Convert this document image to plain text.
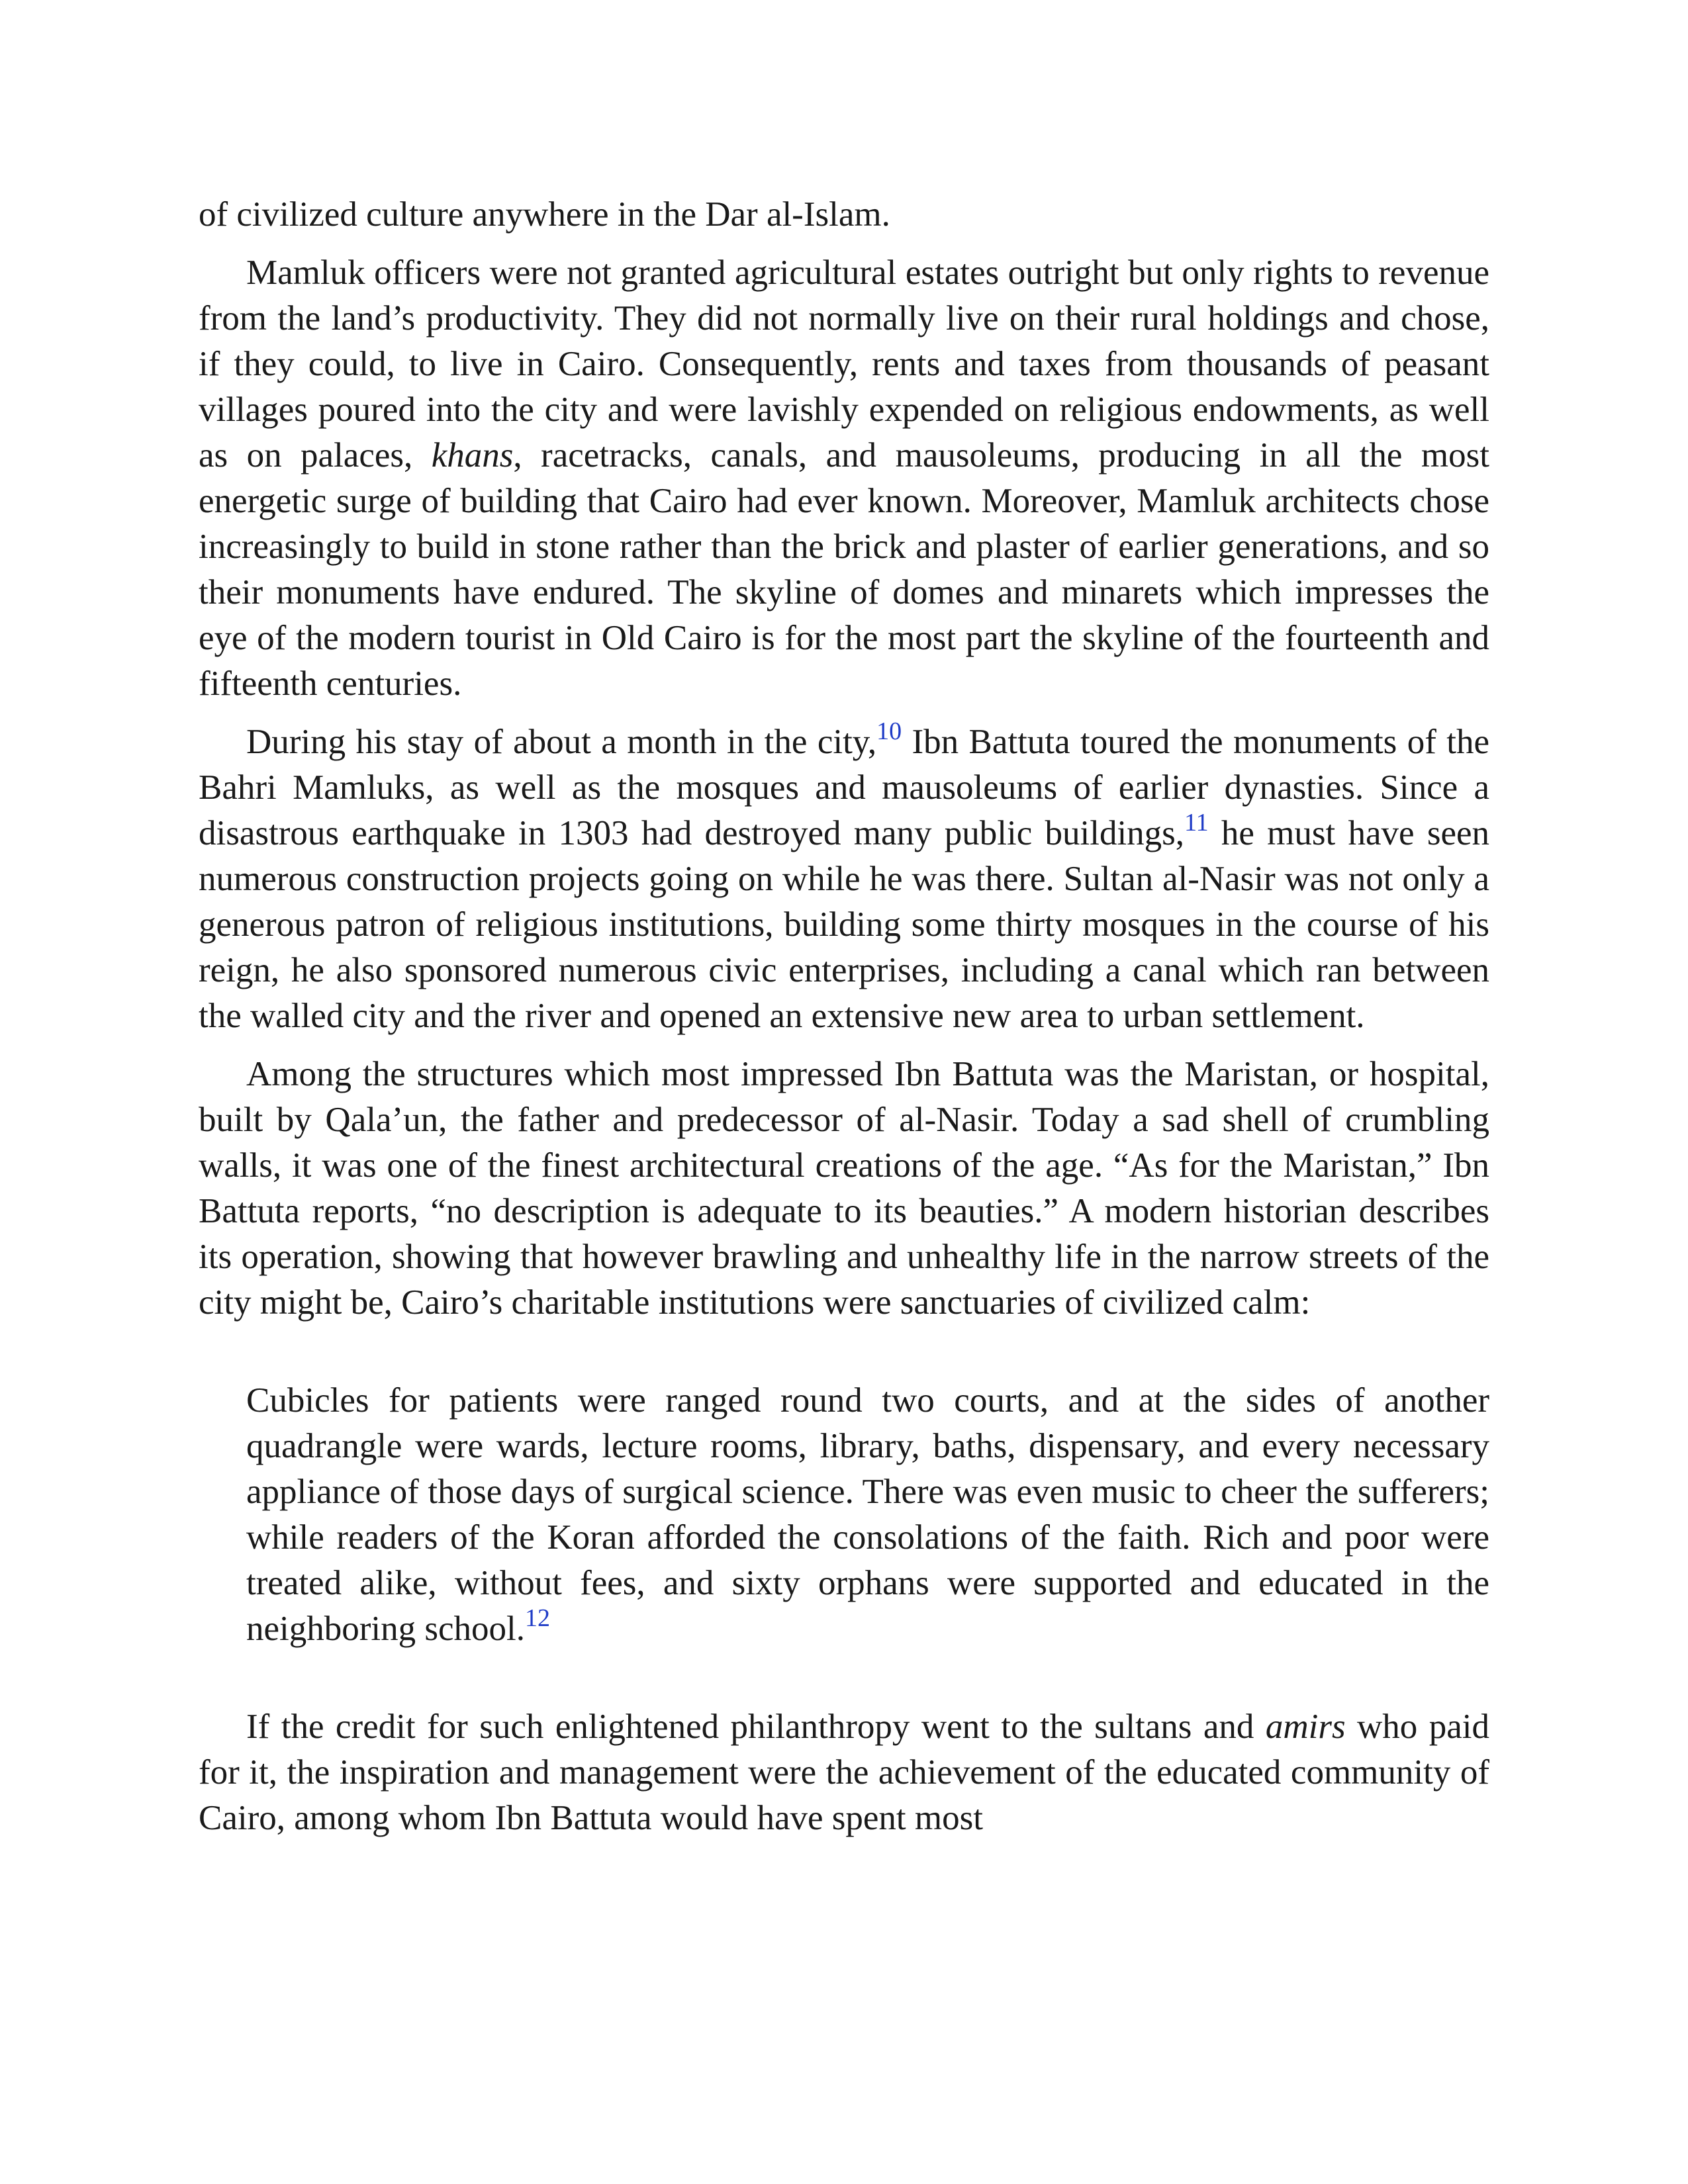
of civilized culture anywhere in the Dar al-Islam.

Mamluk officers were not granted agricultural estates outright but only rights to revenue from the land’s productivity. They did not normally live on their rural holdings and chose, if they could, to live in Cairo. Consequently, rents and taxes from thousands of peasant villages poured into the city and were lavishly expended on religious endowments, as well as on palaces, khans, racetracks, canals, and mausoleums, producing in all the most energetic surge of building that Cairo had ever known. Moreover, Mamluk architects chose increasingly to build in stone rather than the brick and plaster of earlier generations, and so their monuments have endured. The skyline of domes and minarets which impresses the eye of the modern tourist in Old Cairo is for the most part the skyline of the fourteenth and fifteenth centuries.

During his stay of about a month in the city,$^{10}$ Ibn Battuta toured the monuments of the Bahri Mamluks, as well as the mosques and mausoleums of earlier dynasties. Since a disastrous earthquake in 1303 had destroyed many public buildings,$^{11}$ he must have seen numerous construction projects going on while he was there. Sultan al-Nasir was not only a generous patron of religious institutions, building some thirty mosques in the course of his reign, he also sponsored numerous civic enterprises, including a canal which ran between the walled city and the river and opened an extensive new area to urban settlement.

Among the structures which most impressed Ibn Battuta was the Maristan, or hospital, built by Qala’un, the father and predecessor of al-Nasir. Today a sad shell of crumbling walls, it was one of the finest architectural creations of the age. “As for the Maristan,” Ibn Battuta reports, “no description is adequate to its beauties.” A modern historian describes its operation, showing that however brawling and unhealthy life in the narrow streets of the city might be, Cairo’s charitable institutions were sanctuaries of civilized calm:

Cubicles for patients were ranged round two courts, and at the sides of another quadrangle were wards, lecture rooms, library, baths, dispensary, and every necessary appliance of those days of surgical science. There was even music to cheer the sufferers; while readers of the Koran afforded the consolations of the faith. Rich and poor were treated alike, without fees, and sixty orphans were supported and educated in the neighboring school.$^{12}$

If the credit for such enlightened philanthropy went to the sultans and amirs who paid for it, the inspiration and management were the achievement of the educated community of Cairo, among whom Ibn Battuta would have spent most
